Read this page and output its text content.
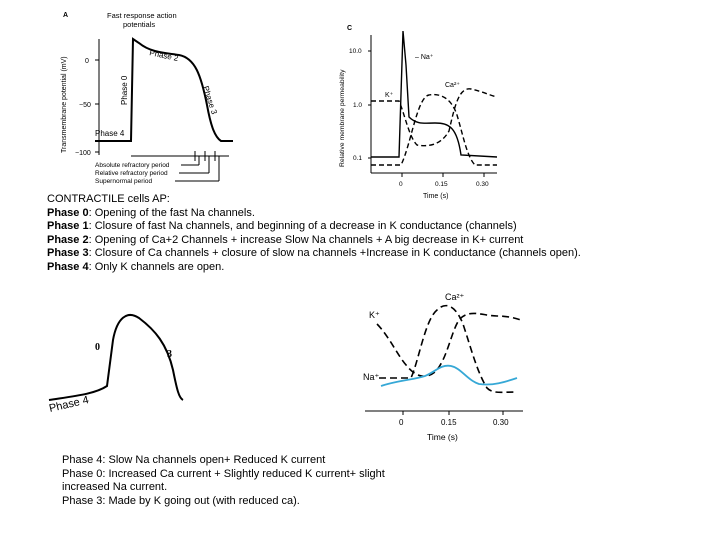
A	Fast response action
potentials
Transmembrane potential (mV) 0
−50
−100
Phase 0
Phase 2
Phase 3
Phase 4
Absolute refractory period
Relative refractory period
Supernormal period
C
Relative membrane permeability
10.0
1.0
0.1
0	0.15	0.30
Time (s)
– Na⁺
Ca²⁺
K⁺
CONTRACTILE cells AP:
Phase 0: Opening of the fast Na channels.
Phase 1: Closure of fast Na channels, and beginning of a decrease in K conductance (channels)
Phase 2: Opening of Ca+2 Channels + increase Slow Na channels + A big decrease in K+ current
Phase 3: Closure of Ca channels + closure of slow na channels +Increase in K conductance (channels open).
Phase 4: Only K channels are open.
0
3
Phase 4
0	0.15	0.30
Time (s)
Ca²⁺
K⁺
Na⁺
Phase 4: Slow Na channels open+ Reduced K current
Phase 0: Increased Ca current + Slightly reduced K current+ slight
increased Na current.
Phase 3: Made by K going out (with reduced ca).
